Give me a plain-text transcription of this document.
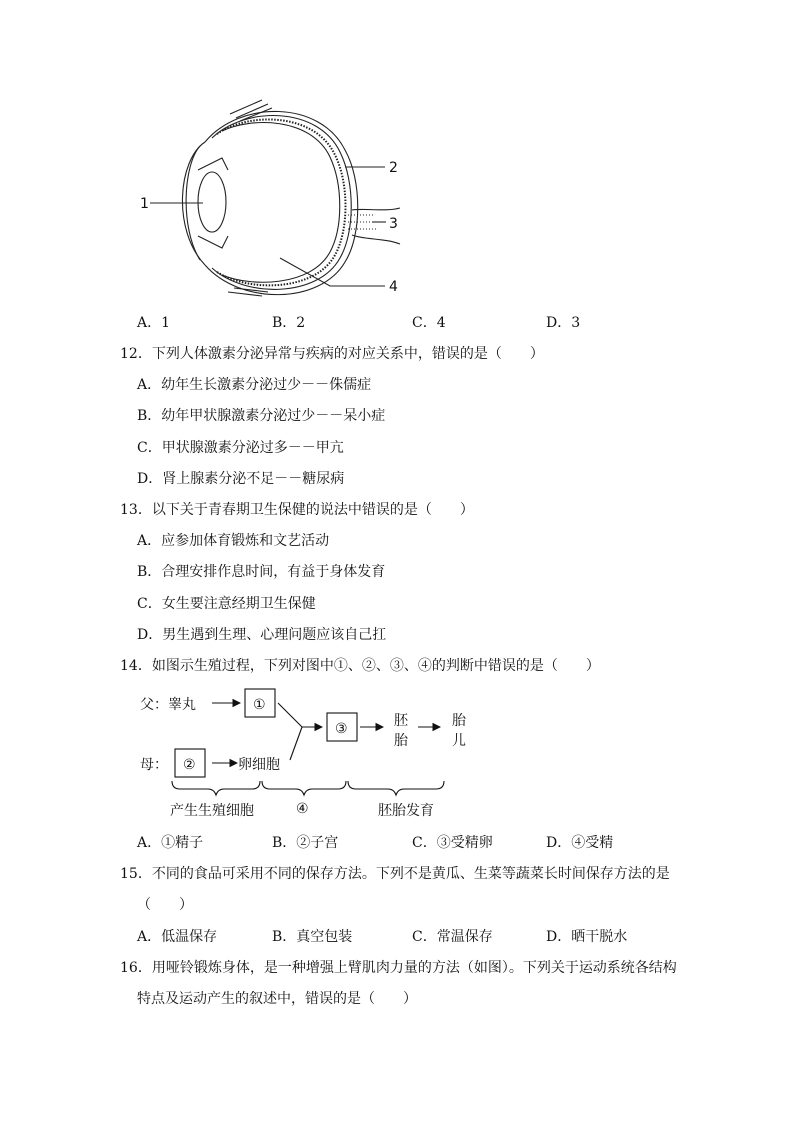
1
2
3
4
A．1	B．2	C．4	D．3
12．下列人体激素分泌异常与疾病的对应关系中，错误的是（　　）
A．幼年生长激素分泌过少－－侏儒症
B．幼年甲状腺激素分泌过少－－呆小症
C．甲状腺激素分泌过多－－甲亢
D．肾上腺素分泌不足－－糖尿病
13．以下关于青春期卫生保健的说法中错误的是（　　）
A．应参加体育锻炼和文艺活动
B．合理安排作息时间，有益于身体发育
C．女生要注意经期卫生保健
D．男生遇到生理、心理问题应该自己扛
14．如图示生殖过程，下列对图中①、②、③、④的判断中错误的是（　　）
父：睾丸	①
③
母： ②	卵细胞
胚
胎
胎
儿
产生生殖细胞	④	胚胎发育
A．①精子	B．②子宫	C．③受精卵	D．④受精
15．不同的食品可采用不同的保存方法。下列不是黄瓜、生菜等蔬菜长时间保存方法的是
（　　）
A．低温保存	B．真空包装	C．常温保存	D．晒干脱水
16．用哑铃锻炼身体，是一种增强上臂肌肉力量的方法（如图）。下列关于运动系统各结构
特点及运动产生的叙述中，错误的是（　　）
